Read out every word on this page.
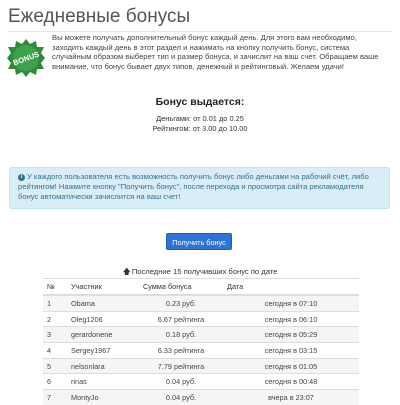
Ежедневные бонусы
BONUS
Вы можете получать дополнительный бонус каждый день. Для этого вам необходимо, заходить каждый день в этот раздел и нажимать на кнопку получить бонус, система случайным образом выберет тип и размер бонуса, и зачислит на ваш счет. Обращаем ваше внимание, что бонус бывает двух типов, денежный и рейтинговый. Желаем удачи!
Бонус выдается:
Деньгами: от 0.01 до 0.25
Рейтингом: от 3.00 до 10.00
i У каждого пользователя есть возможность получить бонус либо деньгами на рабочий счёт, либо рейтингом! Нажмите кнопку "Получить бонус", после перехода и просмотра сайта рекламодателя бонус автоматически зачислится на ваш счет!
Получить бонус
🡅Последние 15 получивших бонус по дате
№	Участник	Сумма бонуса	Дата
1	Obama	0.23 руб.	сегодня в 07:10
2	Oleg1206	6.67 рейтинга	сегодня в 06:10
3	gerardonene	0.18 руб.	сегодня в 05:29
4	Sergey1967	6.33 рейтинга	сегодня в 03:15
5	nelsonlara	7.79 рейтинга	сегодня в 01:05
6	rinas	0.04 руб.	сегодня в 00:48
7	MontyJo	0.04 руб.	вчера в 23:07
